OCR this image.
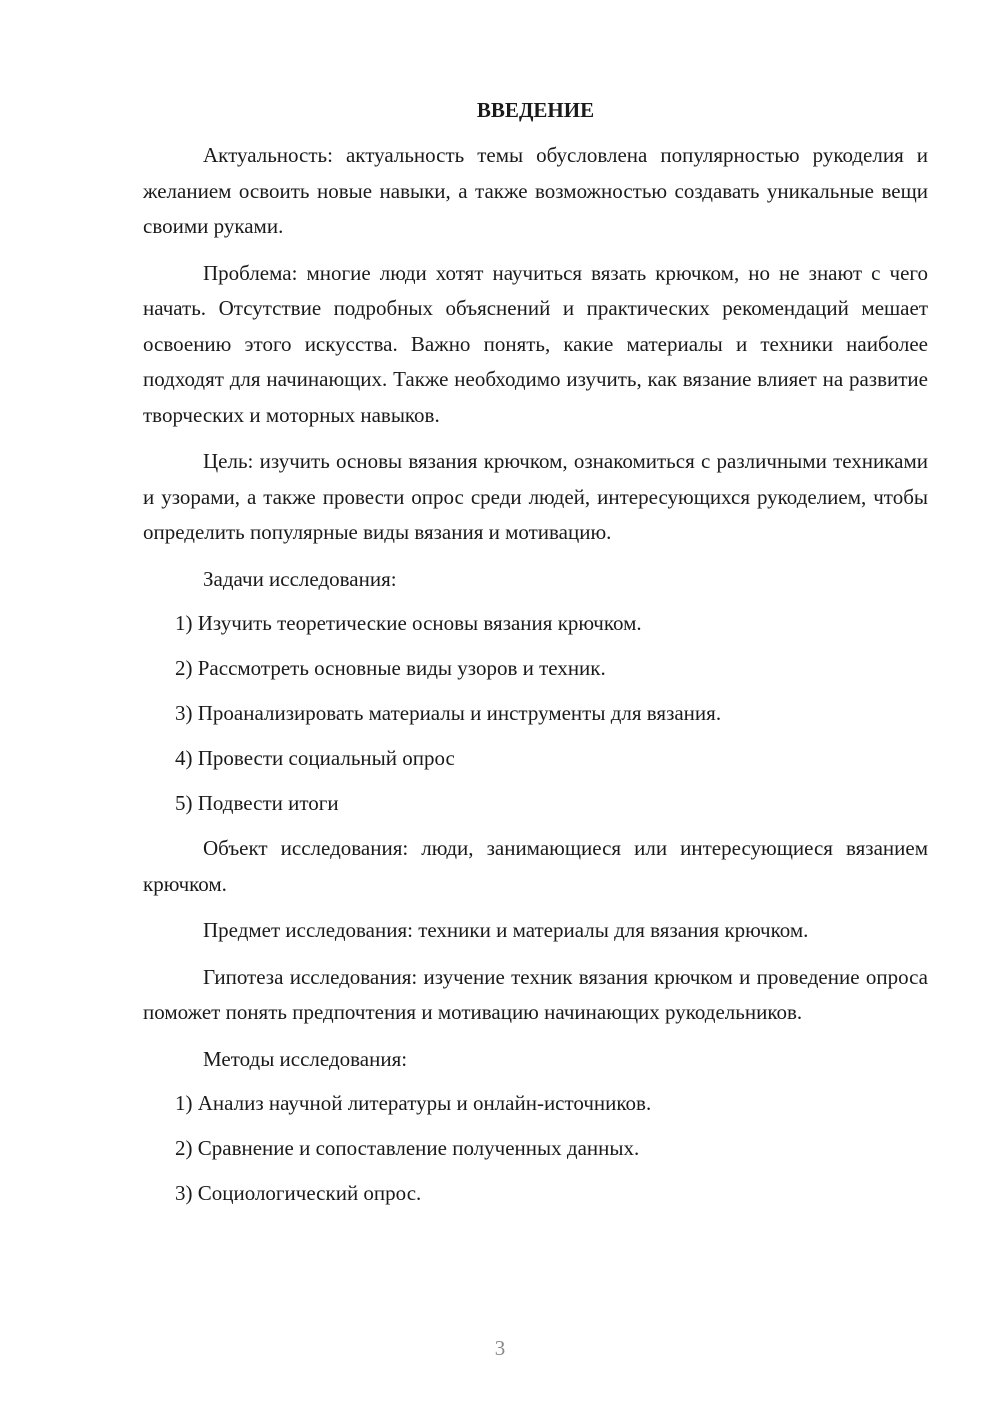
ВВЕДЕНИЕ

Актуальность: актуальность темы обусловлена популярностью рукоделия и желанием освоить новые навыки, а также возможностью создавать уникальные вещи своими руками.

Проблема: многие люди хотят научиться вязать крючком, но не знают с чего начать. Отсутствие подробных объяснений и практических рекомендаций мешает освоению этого искусства. Важно понять, какие материалы и техники наиболее подходят для начинающих. Также необходимо изучить, как вязание влияет на развитие творческих и моторных навыков.

Цель: изучить основы вязания крючком, ознакомиться с различными техниками и узорами, а также провести опрос среди людей, интересующихся рукоделием, чтобы определить популярные виды вязания и мотивацию.

Задачи исследования:

1) Изучить теоретические основы вязания крючком.
2) Рассмотреть основные виды узоров и техник.
3) Проанализировать материалы и инструменты для вязания.
4) Провести социальный опрос
5) Подвести итоги

Объект исследования: люди, занимающиеся или интересующиеся вязанием крючком.

Предмет исследования: техники и материалы для вязания крючком.

Гипотеза исследования: изучение техник вязания крючком и проведение опроса поможет понять предпочтения и мотивацию начинающих рукодельников.

Методы исследования:

1) Анализ научной литературы и онлайн-источников.
2) Сравнение и сопоставление полученных данных.
3) Социологический опрос.
3
